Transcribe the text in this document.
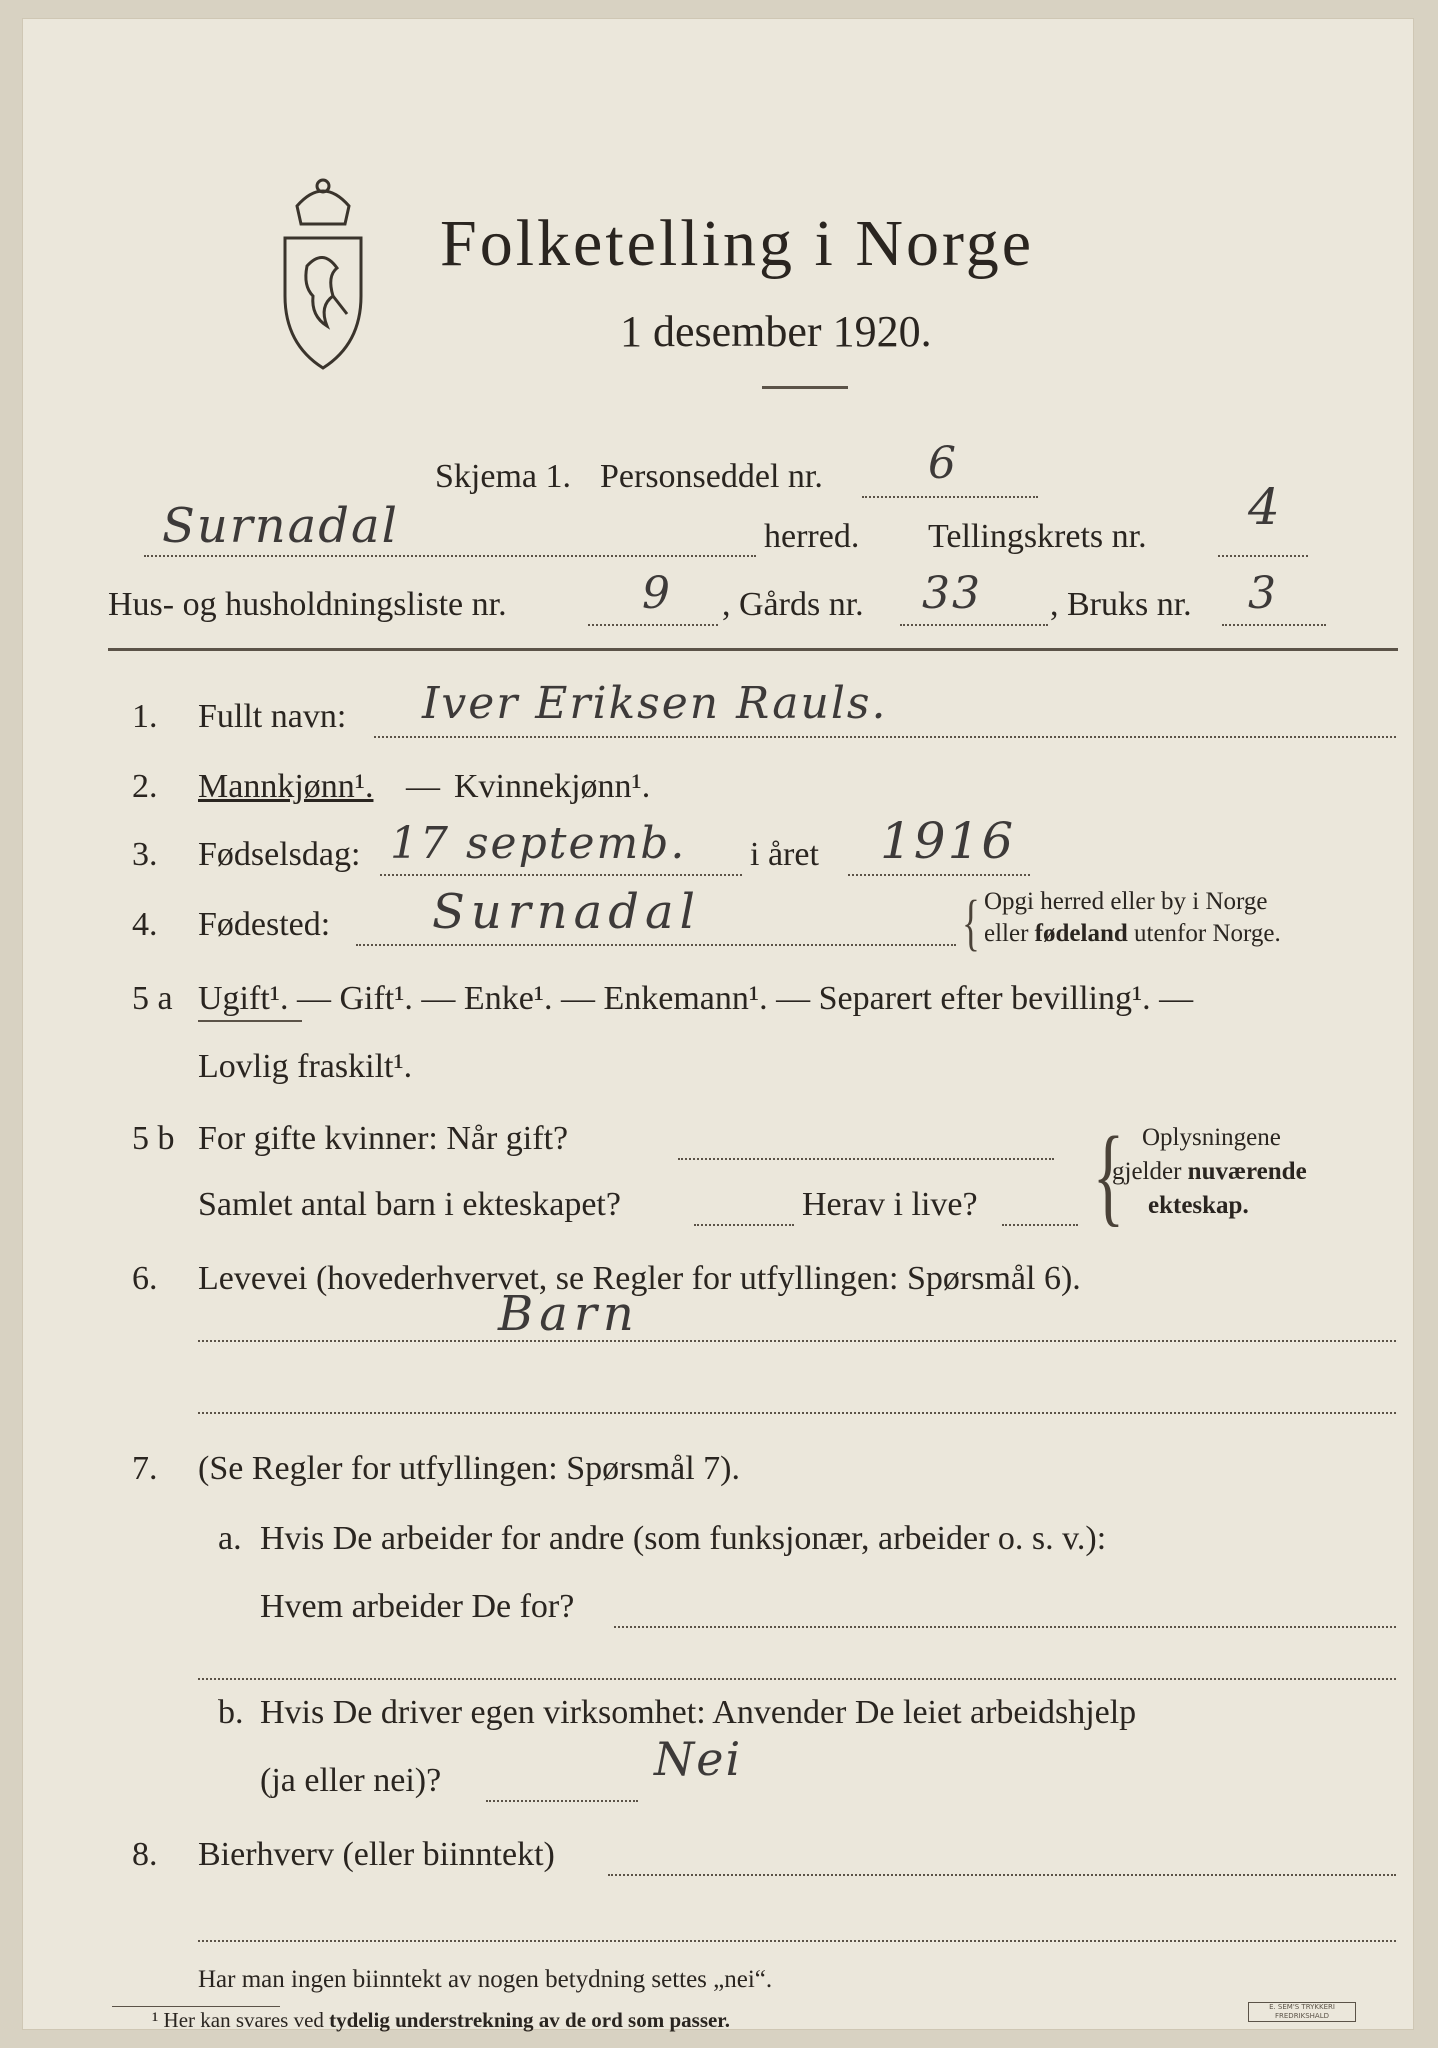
Folketelling i Norge
1 desember 1920.
Skjema 1. Personseddel nr. 6
Surnadal	herred. Tellingskrets nr.
4
Hus- og husholdningsliste nr.	9 , Gårds nr. 33 , Bruks nr. 3
1. Fullt navn: Iver Eriksen Rauls.
2. Mannkjønn¹. — Kvinnekjønn¹.
3. Fødselsdag: 17 septemb. i året 1916
4. Fødested: Surnadal	{ Opgi herred eller by i Norge
eller fødeland utenfor Norge.
5 a Ugift¹. — Gift¹. — Enke¹. — Enkemann¹. — Separert efter bevilling¹. —
Lovlig fraskilt¹.
5 b For gifte kvinner: Når gift?
Samlet antal barn i ekteskapet?	Herav i live? { Oplysningene
gjelder nuværende
ekteskap.
6. Levevei (hovederhvervet, se Regler for utfyllingen: Spørsmål 6).
Barn
7. (Se Regler for utfyllingen: Spørsmål 7).
a. Hvis De arbeider for andre (som funksjonær, arbeider o. s. v.):
Hvem arbeider De for?
b. Hvis De driver egen virksomhet: Anvender De leiet arbeidshjelp
(ja eller nei)?	Nei
8. Bierhverv (eller biinntekt)
Har man ingen biinntekt av nogen betydning settes „nei“.
¹ Her kan svares ved tydelig understrekning av de ord som passer.
E. SEM'S TRYKKERI FREDRIKSHALD
